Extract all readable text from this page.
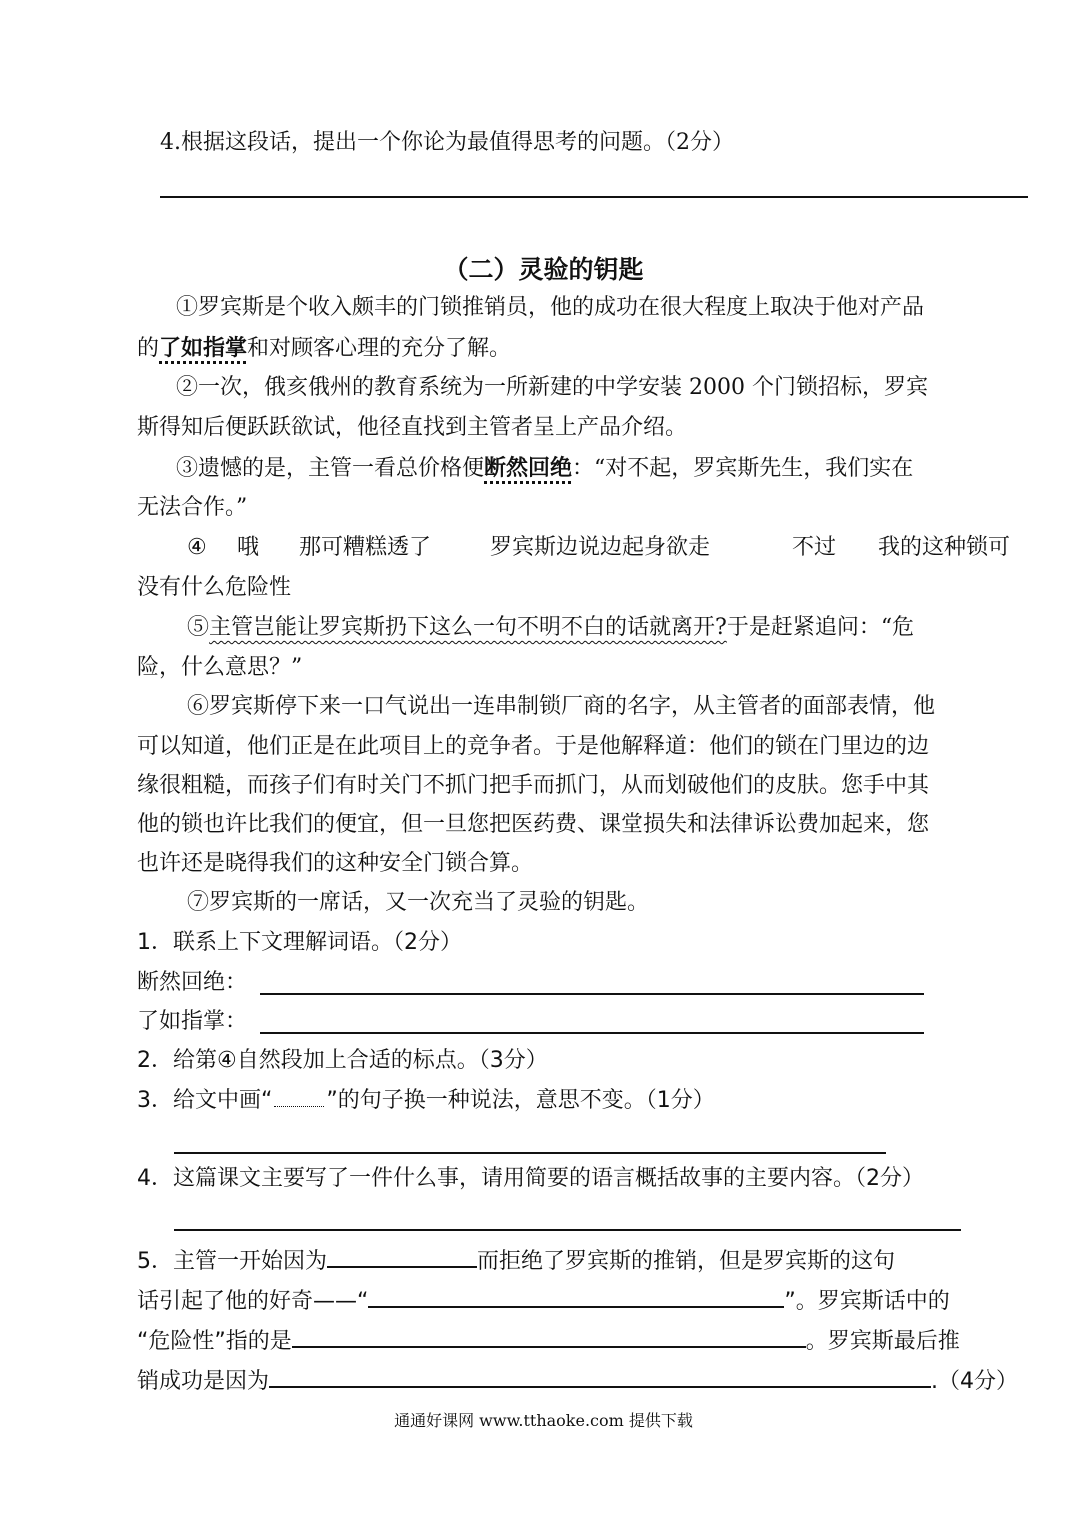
4.根据这段话，提出一个你论为最值得思考的问题。（2分）
（二）灵验的钥匙
①罗宾斯是个收入颇丰的门锁推销员，他的成功在很大程度上取决于他对产品
的了如指掌和对顾客心理的充分了解。
②一次，俄亥俄州的教育系统为一所新建的中学安装 2000 个门锁招标，罗宾
斯得知后便跃跃欲试，他径直找到主管者呈上产品介绍。
③遗憾的是，主管一看总价格便断然回绝：“对不起，罗宾斯先生，我们实在
无法合作。”
④ 哦 那可糟糕透了	罗宾斯边说边起身欲走	不过 我的这种锁可
没有什么危险性
⑤主管岂能让罗宾斯扔下这么一句不明不白的话就离开?于是赶紧追问：“危
险，什么意思？”
⑥罗宾斯停下来一口气说出一连串制锁厂商的名字，从主管者的面部表情，他
可以知道，他们正是在此项目上的竞争者。于是他解释道：他们的锁在门里边的边
缘很粗糙，而孩子们有时关门不抓门把手而抓门，从而划破他们的皮肤。您手中其
他的锁也许比我们的便宜，但一旦您把医药费、课堂损失和法律诉讼费加起来，您
也许还是晓得我们的这种安全门锁合算。
⑦罗宾斯的一席话，又一次充当了灵验的钥匙。
1．联系上下文理解词语。（2分）
断然回绝：
了如指掌：
2．给第④自然段加上合适的标点。（3分）
3．给文中画“ ”的句子换一种说法，意思不变。（1分）
4．这篇课文主要写了一件什么事，请用简要的语言概括故事的主要内容。（2分）
5．主管一开始因为	而拒绝了罗宾斯的推销，但是罗宾斯的这句
话引起了他的好奇——“	”。罗宾斯话中的
“危险性”指的是	。罗宾斯最后推
销成功是因为	.（4分）
通通好课网 www.tthaoke.com 提供下载
